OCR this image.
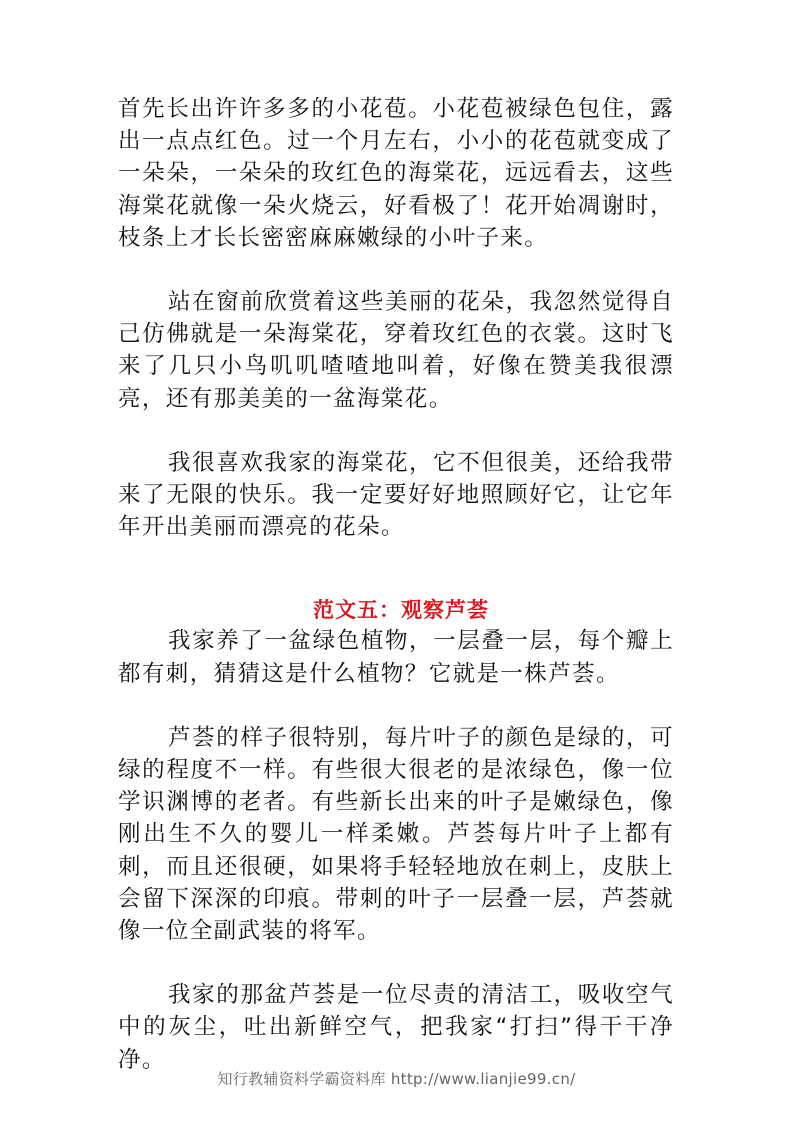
首先长出许许多多的小花苞。小花苞被绿色包住，露出一点点红色。过一个月左右，小小的花苞就变成了一朵朵，一朵朵的玫红色的海棠花，远远看去，这些海棠花就像一朵火烧云，好看极了！花开始凋谢时，枝条上才长长密密麻麻嫩绿的小叶子来。

站在窗前欣赏着这些美丽的花朵，我忽然觉得自己仿佛就是一朵海棠花，穿着玫红色的衣裳。这时飞来了几只小鸟叽叽喳喳地叫着，好像在赞美我很漂亮，还有那美美的一盆海棠花。

我很喜欢我家的海棠花，它不但很美，还给我带来了无限的快乐。我一定要好好地照顾好它，让它年年开出美丽而漂亮的花朵。

范文五：观察芦荟

我家养了一盆绿色植物，一层叠一层，每个瓣上都有刺，猜猜这是什么植物？它就是一株芦荟。

芦荟的样子很特别，每片叶子的颜色是绿的，可绿的程度不一样。有些很大很老的是浓绿色，像一位学识渊博的老者。有些新长出来的叶子是嫩绿色，像刚出生不久的婴儿一样柔嫩。芦荟每片叶子上都有刺，而且还很硬，如果将手轻轻地放在刺上，皮肤上会留下深深的印痕。带刺的叶子一层叠一层，芦荟就像一位全副武装的将军。

我家的那盆芦荟是一位尽责的清洁工，吸收空气中的灰尘，吐出新鲜空气，把我家“打扫”得干干净净。

知行教辅资料学霸资料库 http://www.lianjie99.cn/
